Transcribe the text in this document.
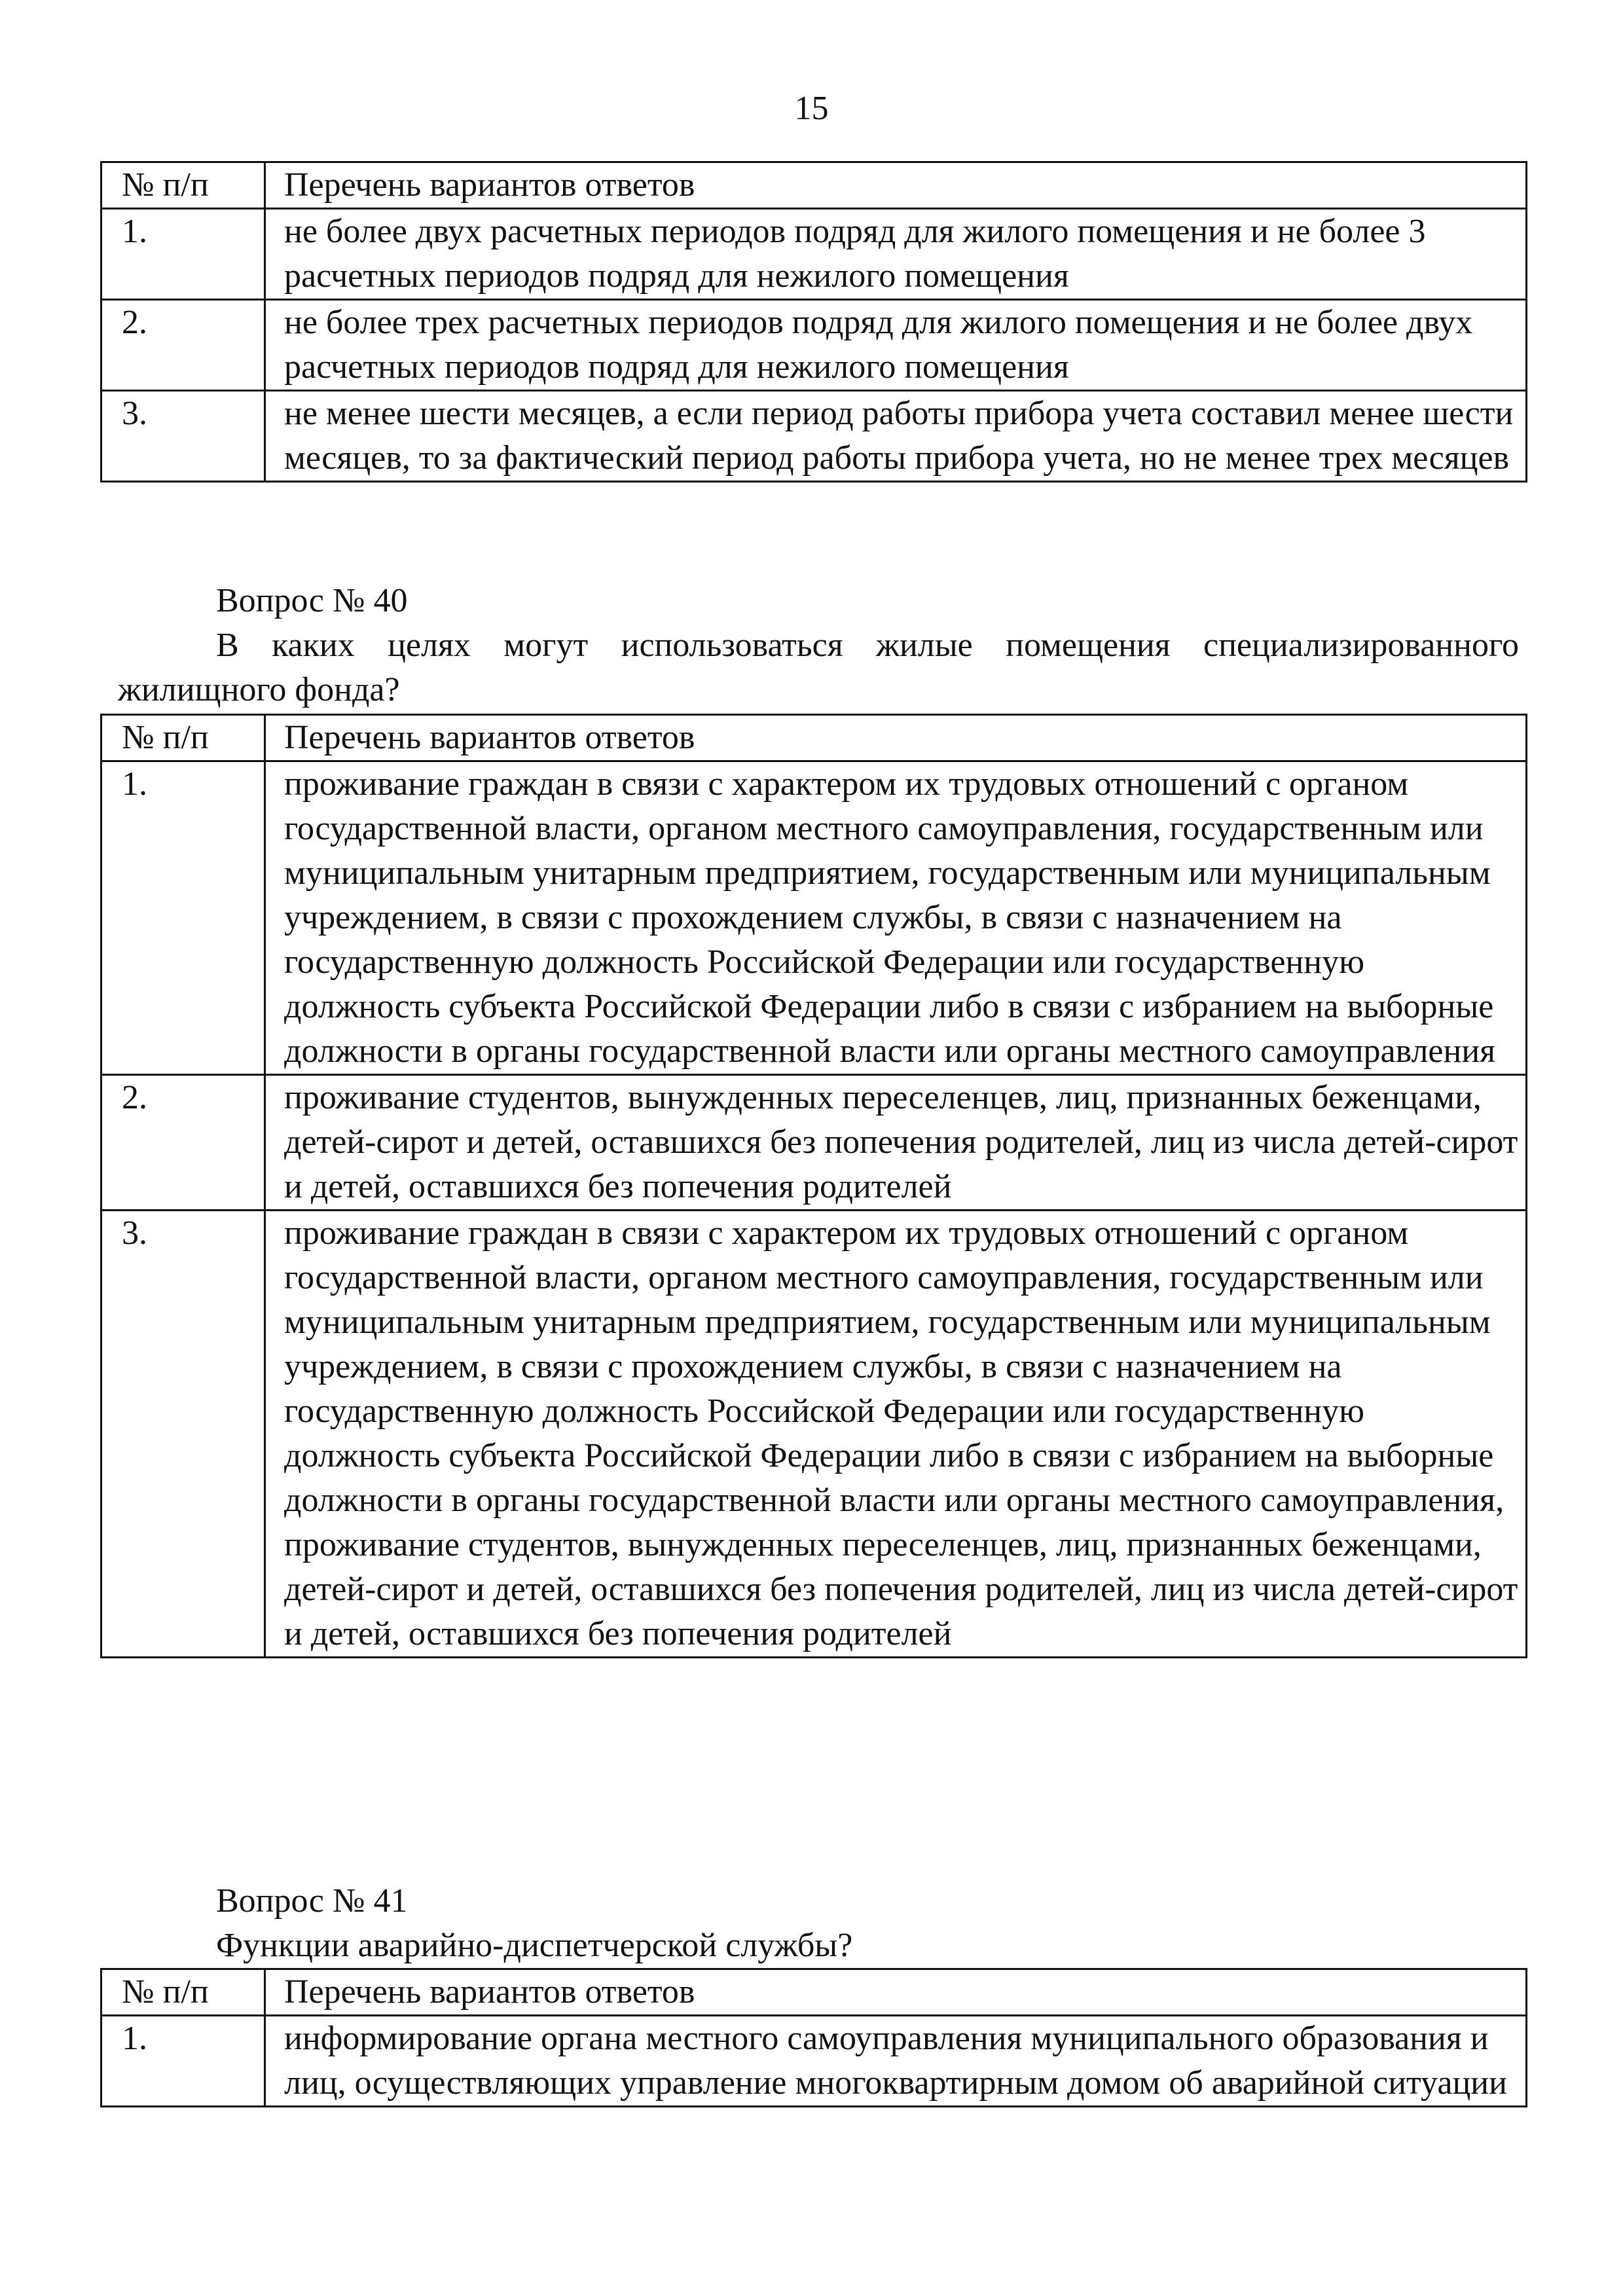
15
№ п/п	Перечень вариантов ответов
1.	не более двух расчетных периодов подряд для жилого помещения и не более 3 расчетных периодов подряд для нежилого помещения
2.	не более трех расчетных периодов подряд для жилого помещения и не более двух расчетных периодов подряд для нежилого помещения
3.	не менее шести месяцев, а если период работы прибора учета составил менее шести месяцев, то за фактический период работы прибора учета, но не менее трех месяцев
Вопрос № 40
В каких целях могут использоваться жилые помещения специализированного жилищного фонда?
№ п/п	Перечень вариантов ответов
1.	проживание граждан в связи с характером их трудовых отношений с органом государственной власти, органом местного самоуправления, государственным или муниципальным унитарным предприятием, государственным или муниципальным учреждением, в связи с прохождением службы, в связи с назначением на государственную должность Российской Федерации или государственную должность субъекта Российской Федерации либо в связи с избранием на выборные должности в органы государственной власти или органы местного самоуправления
2.	проживание студентов, вынужденных переселенцев, лиц, признанных беженцами, детей-сирот и детей, оставшихся без попечения родителей, лиц из числа детей-сирот и детей, оставшихся без попечения родителей
3.	проживание граждан в связи с характером их трудовых отношений с органом государственной власти, органом местного самоуправления, государственным или муниципальным унитарным предприятием, государственным или муниципальным учреждением, в связи с прохождением службы, в связи с назначением на государственную должность Российской Федерации или государственную должность субъекта Российской Федерации либо в связи с избранием на выборные должности в органы государственной власти или органы местного самоуправления, проживание студентов, вынужденных переселенцев, лиц, признанных беженцами, детей-сирот и детей, оставшихся без попечения родителей, лиц из числа детей-сирот и детей, оставшихся без попечения родителей
Вопрос № 41
Функции аварийно-диспетчерской службы?
№ п/п	Перечень вариантов ответов
1.	информирование органа местного самоуправления муниципального образования и лиц, осуществляющих управление многоквартирным домом об аварийной ситуации
